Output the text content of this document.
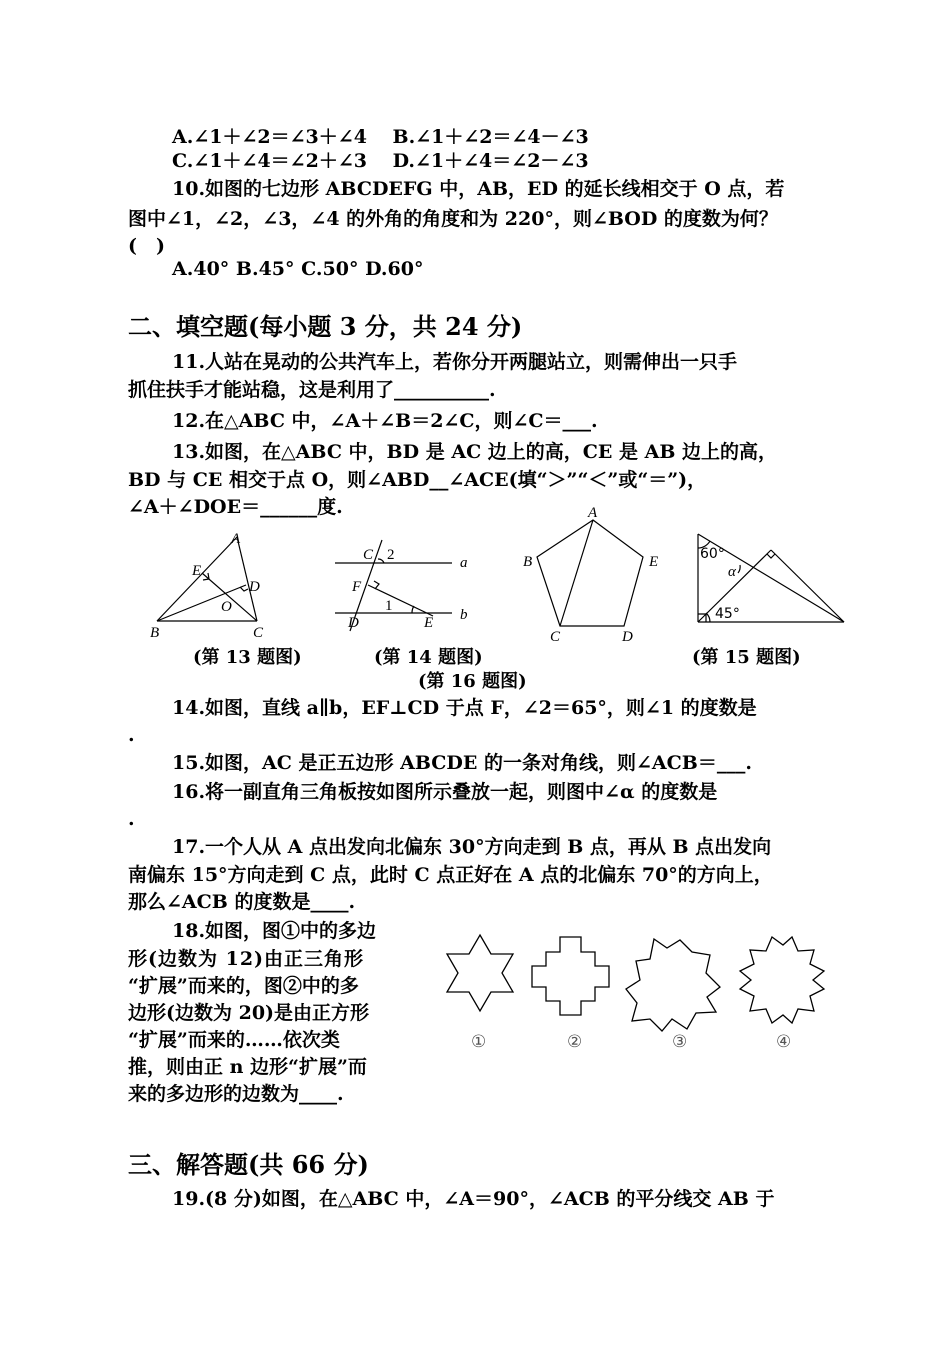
A.∠1＋∠2＝∠3＋∠4　 B.∠1＋∠2＝∠4－∠3
C.∠1＋∠4＝∠2＋∠3　 D.∠1＋∠4＝∠2－∠3
10.如图的七边形 ABCDEFG 中，AB，ED 的延长线相交于 O 点，若
图中∠1，∠2，∠3，∠4 的外角的角度和为 220°，则∠BOD 的度数为何？
(　)
A.40° B.45° C.50° D.60°
二、填空题(每小题 3 分，共 24 分)
11.人站在晃动的公共汽车上，若你分开两腿站立，则需伸出一只手
抓住扶手才能站稳，这是利用了__________.
12.在△ABC 中，∠A＋∠B＝2∠C，则∠C＝___.
13.如图，在△ABC 中，BD 是 AC 边上的高，CE 是 AB 边上的高，
BD 与 CE 相交于点 O，则∠ABD__∠ACE(填“＞”“＜”或“＝”)，
∠A＋∠DOE＝______度.
A
B	C
D
E
O
C 2	a
F
1
b
D	E
A
B
C	D
E	60°
α
45°
(第 13 题图)	(第 14 题图)	(第 15 题图)
(第 16 题图)
14.如图，直线 a∥b，EF⊥CD 于点 F，∠2＝65°，则∠1 的度数是
.
15.如图，AC 是正五边形 ABCDE 的一条对角线，则∠ACB＝___.
16.将一副直角三角板按如图所示叠放一起，则图中∠α 的度数是
.
17.一个人从 A 点出发向北偏东 30°方向走到 B 点，再从 B 点出发向
南偏东 15°方向走到 C 点，此时 C 点正好在 A 点的北偏东 70°的方向上，
那么∠ACB 的度数是____.
18.如图，图①中的多边
形(边数为 12)由正三角形
“扩展”而来的，图②中的多
边形(边数为 20)是由正方形
“扩展”而来的……依次类
推，则由正 n 边形“扩展”而
来的多边形的边数为____.
①	②	③	④
三、解答题(共 66 分)
19.(8 分)如图，在△ABC 中，∠A＝90°，∠ACB 的平分线交 AB 于
